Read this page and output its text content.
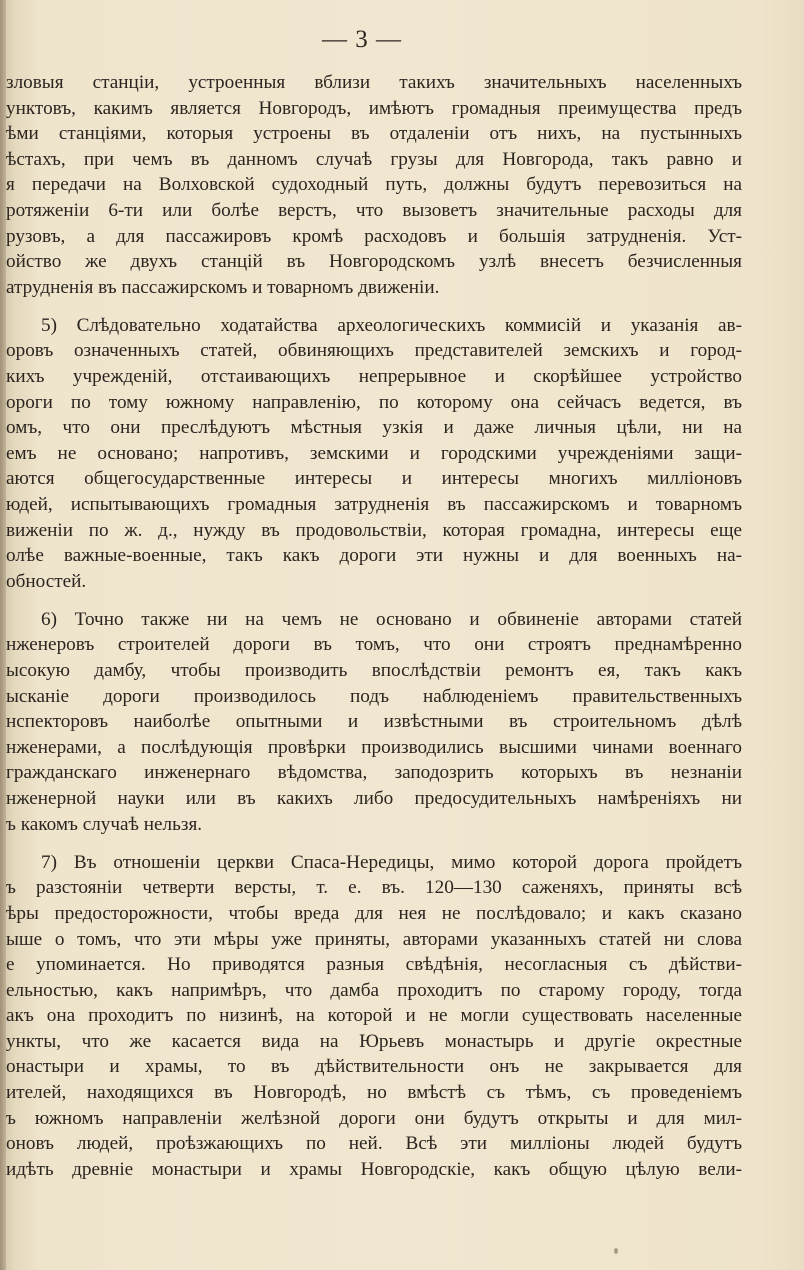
— 3 —
зловыя станцiи, устроенныя вблизи такихъ значительныхъ населенныхъ
унктовъ, какимъ является Новгородъ, имѣютъ громадныя преимущества предъ
ѣми станцiями, которыя устроены въ отдаленiи отъ нихъ, на пустынныхъ
ѣстахъ, при чемъ въ данномъ случаѣ грузы для Новгорода, такъ равно и
я передачи на Волховской судоходный путь, должны будутъ перевозиться на
ротяженiи 6-ти или болѣе верстъ, что вызоветъ значительные расходы для
рузовъ, а для пассажировъ кромѣ расходовъ и большiя затрудненiя. Уст-
ойство же двухъ станцiй въ Новгородскомъ узлѣ внесетъ безчисленныя
атрудненiя въ пассажирскомъ и товарномъ движенiи.
5) Слѣдовательно ходатайства археологическихъ коммисiй и указанiя ав-
оровъ означенныхъ статей, обвиняющихъ представителей земскихъ и город-
кихъ учрежденiй, отстаивающихъ непрерывное и скорѣйшее устройство
ороги по тому южному направленiю, по которому она сейчасъ ведется, въ
омъ, что они преслѣдуютъ мѣстныя узкiя и даже личныя цѣли, ни на
емъ не основано; напротивъ, земскими и городскими учрежденiями защи-
аются общегосударственные интересы и интересы многихъ миллiоновъ
юдей, испытывающихъ громадныя затрудненiя въ пассажирскомъ и товарномъ
вижeнiи по ж. д., нужду въ продовольствiи, которая громадна, интересы еще
олѣе важные-военные, такъ какъ дороги эти нужны и для военныхъ на-
обностей.
6) Точно также ни на чемъ не основано и обвиненiе авторами статей
нженеровъ строителей дороги въ томъ, что они строятъ преднамѣренно
ысокую дамбу, чтобы производить впослѣдствiи ремонтъ ея, такъ какъ
ысканiе дороги производилось подъ наблюденiемъ правительственныхъ
нспекторовъ наиболѣе опытными и извѣстными въ строительномъ дѣлѣ
нженерами, а послѣдующiя провѣрки производились высшими чинами военнаго
гражданскаго инженернаго вѣдомства, заподозрить которыхъ въ незнанiи
нженерной науки или въ какихъ либо предосудительныхъ намѣренiяхъ ни
ъ какомъ случаѣ нельзя.
7) Въ отношенiи церкви Спаса-Нередицы, мимо которой дорога пройдетъ
ъ разстоянiи четверти версты, т. е. въ. 120—130 саженяхъ, приняты всѣ
ѣры предосторожности, чтобы вреда для нея не послѣдовало; и какъ сказано
ыше о томъ, что эти мѣры уже приняты, авторами указанныхъ статей ни слова
е упоминается. Но приводятся разныя свѣдѣнiя, несогласныя съ дѣйстви-
ельностью, какъ напримѣръ, что дамба проходитъ по старому городу, тогда
акъ она проходитъ по низинѣ, на которой и не могли существовать населенные
ункты, что же касается вида на Юрьевъ монастырь и другiе окрестные
онастыри и храмы, то въ дѣйствительности онъ не закрывается для
ителей, находящихся въ Новгородѣ, но вмѣстѣ съ тѣмъ, съ проведенiемъ
ъ южномъ направленiи желѣзной дороги они будутъ открыты и для мил-
оновъ людей, проѣзжающихъ по ней. Всѣ эти миллiоны людей будутъ
идѣть древнiе монастыри и храмы Новгородскiе, какъ общую цѣлую вели-
